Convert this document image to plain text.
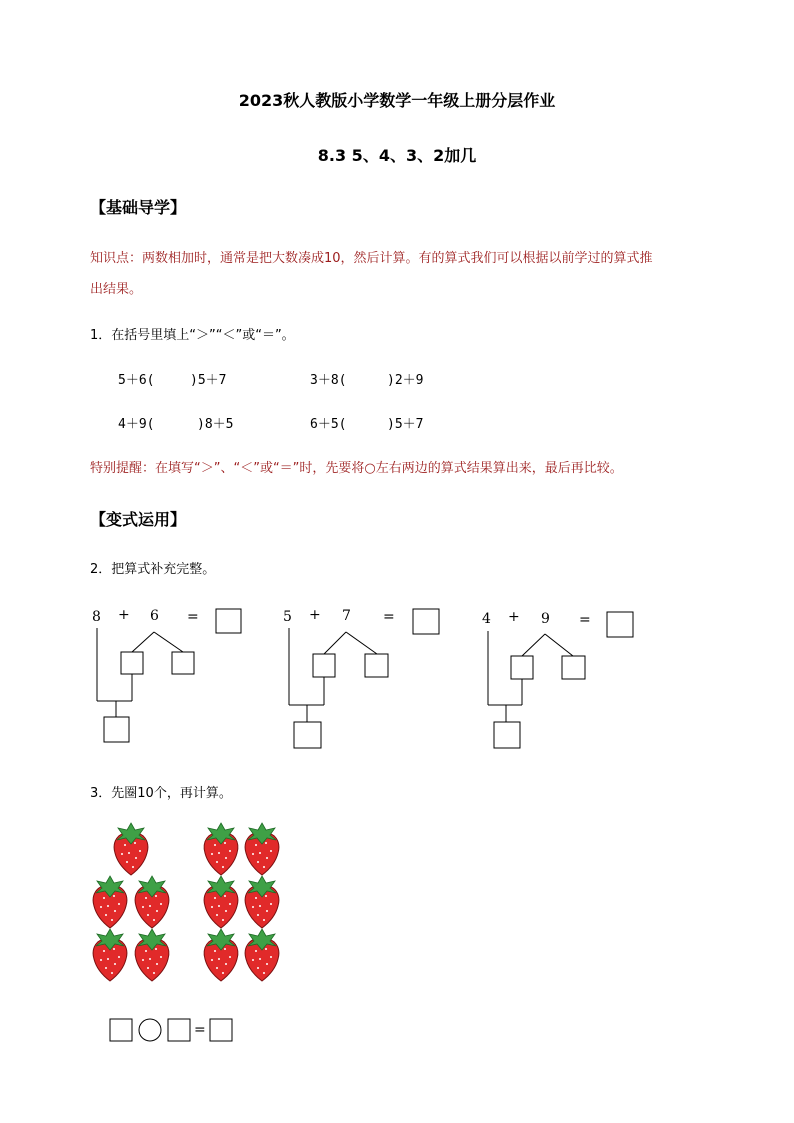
2023秋人教版小学数学一年级上册分层作业
8.3 5、4、3、2加几
【基础导学】
知识点：两数相加时，通常是把大数凑成10，然后计算。有的算式我们可以根据以前学过的算式推
出结果。
1．在括号里填上“＞”“＜”或“＝”。
5＋6(	)5＋7	3＋8(	)2＋9
4＋9(	)8＋5	6＋5(	)5＋7
特别提醒：在填写“＞”、“＜”或“＝”时，先要将○左右两边的算式结果算出来，最后再比较。
【变式运用】
2．把算式补充完整。
8 + 6 =	5 + 7 =	4 + 9 =
3．先圈10个，再计算。
=
